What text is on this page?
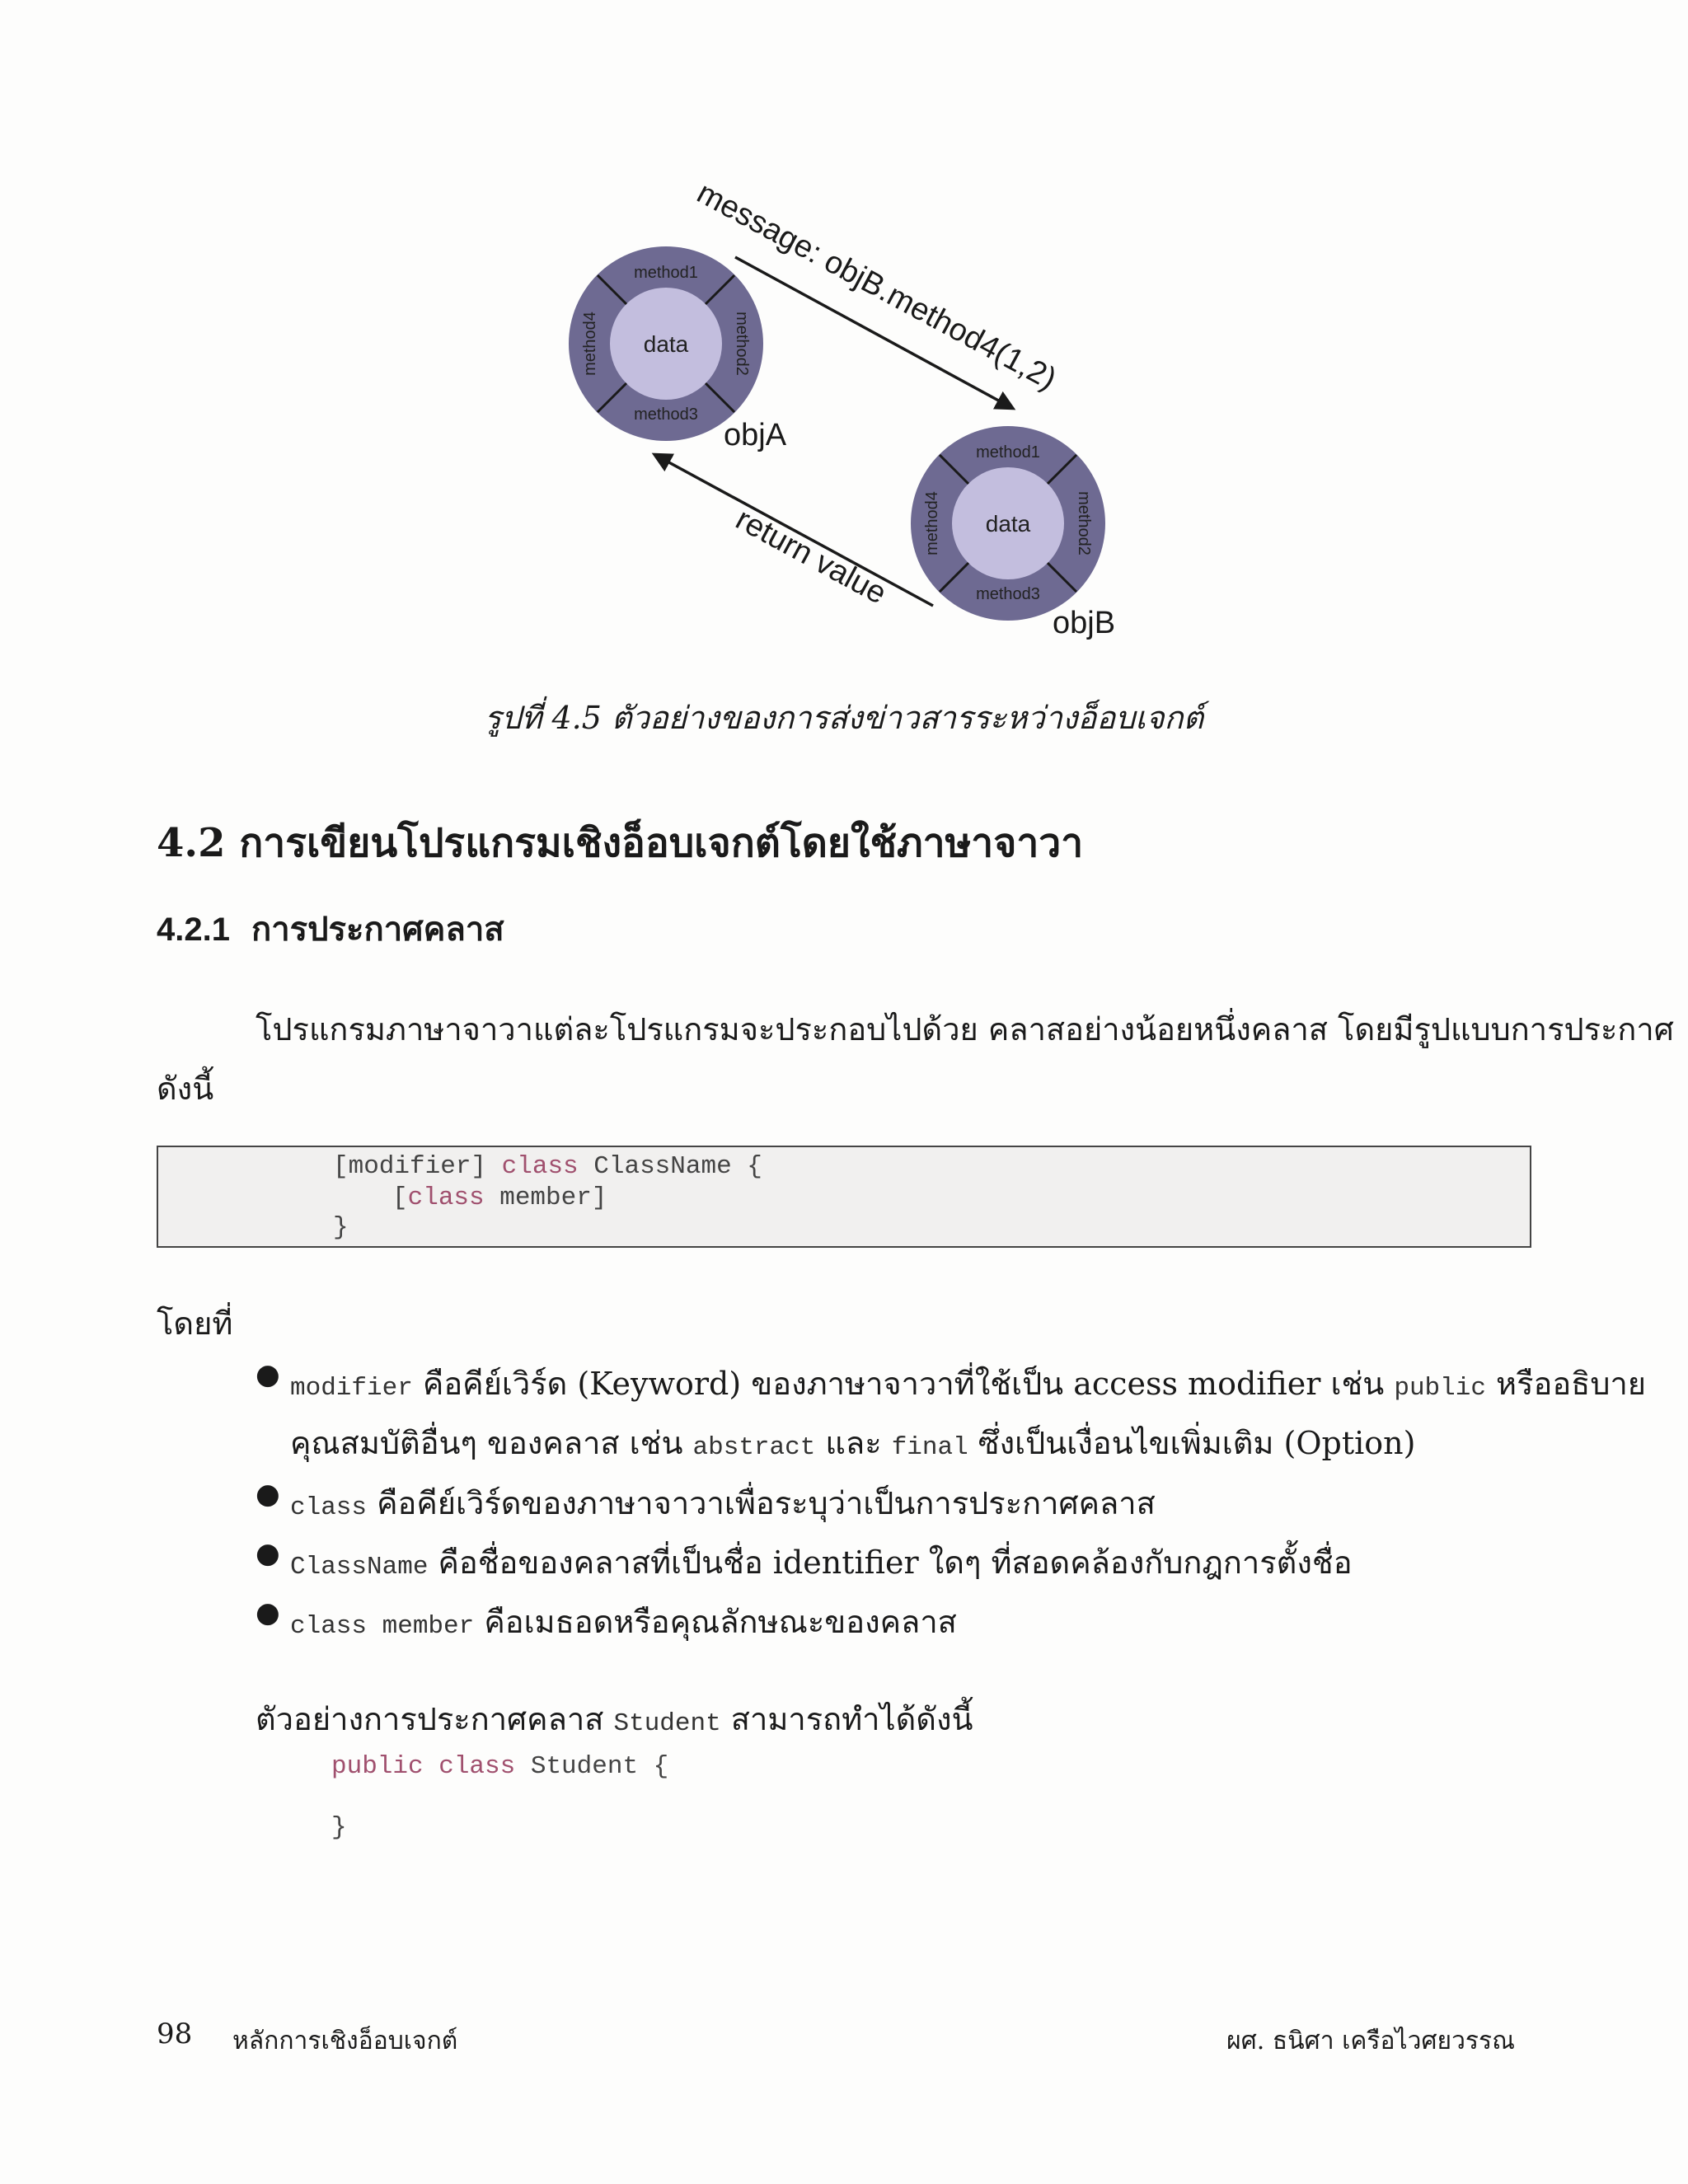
data
method1
method3
method2
method4
objA
data
method1
method3
method2
method4
objB
message: objB.method4(1,2)
return value
รูปที่ 4.5 ตัวอย่างของการส่งข่าวสารระหว่างอ็อบเจกต์
4.2 การเขียนโปรแกรมเชิงอ็อบเจกต์โดยใช้ภาษาจาวา
4.2.1 การประกาศคลาส
โปรแกรมภาษาจาวาแต่ละโปรแกรมจะประกอบไปด้วย คลาสอย่างน้อยหนึ่งคลาส โดยมีรูปแบบการประกาศ
ดังนี้
[modifier] class ClassName {
[class member]
}
โดยที่
● modifier คือคีย์เวิร์ด (Keyword) ของภาษาจาวาที่ใช้เป็น access modifier เช่น public หรืออธิบาย
คุณสมบัติอื่นๆ ของคลาส เช่น abstract และ final ซึ่งเป็นเงื่อนไขเพิ่มเติม (Option)
● class คือคีย์เวิร์ดของภาษาจาวาเพื่อระบุว่าเป็นการประกาศคลาส
● ClassName คือชื่อของคลาสที่เป็นชื่อ identifier ใดๆ ที่สอดคล้องกับกฎการตั้งชื่อ
● class member คือเมธอดหรือคุณลักษณะของคลาส
ตัวอย่างการประกาศคลาส Student สามารถทำได้ดังนี้
public class Student {
}
98 หลักการเชิงอ็อบเจกต์	ผศ. ธนิศา เครือไวศยวรรณ
